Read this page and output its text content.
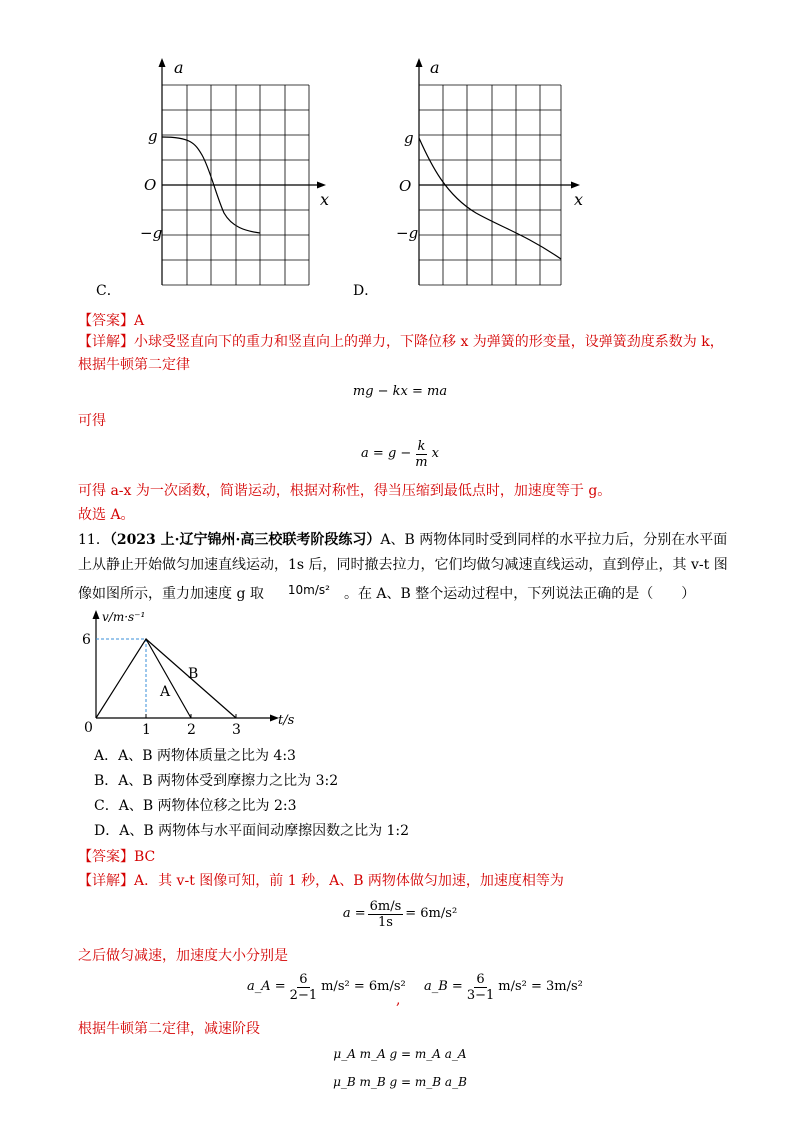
a
x
g
O
−g
C．
a
x
g
O
−g
D．
【答案】A
【详解】小球受竖直向下的重力和竖直向上的弹力，下降位移 x 为弹簧的形变量，设弹簧劲度系数为 k，
根据牛顿第二定律
mg − kx = ma
可得
$a = g - \frac{k}{m}$ x
可得 a-x 为一次函数，简谐运动，根据对称性，得当压缩到最低点时，加速度等于 g。
故选 A。
11．（2023 上·辽宁锦州·高三校联考阶段练习）A、B 两物体同时受到同样的水平拉力后，分别在水平面
上从静止开始做匀加速直线运动，1s 后，同时撤去拉力，它们均做匀减速直线运动，直到停止，其 v-t 图
像如图所示，重力加速度 g 取 10m/s² 。在 A、B 整个运动过程中，下列说法正确的是（　　）
v/m·s⁻¹
t/s
6
0	1	2	3
A
B
A．A、B 两物体质量之比为 4:3
B．A、B 两物体受到摩擦力之比为 3:2
C．A、B 两物体位移之比为 2:3
D．A、B 两物体与水平面间动摩擦因数之比为 1:2
【答案】BC
【详解】A．其 v-t 图像可知，前 1 秒，A、B 两物体做匀加速，加速度相等为
$a = \frac{6m/s}{1s} = 6m/s^2$
之后做匀减速，加速度大小分别是
a_A = $\frac{6}{2-1} m/s^2 = 6m/s^2$
,
a_B = $\frac{6}{3-1} m/s^2 = 3m/s^2$
根据牛顿第二定律，减速阶段
μ_A m_A g = m_A a_A
μ_B m_B g = m_B a_B
